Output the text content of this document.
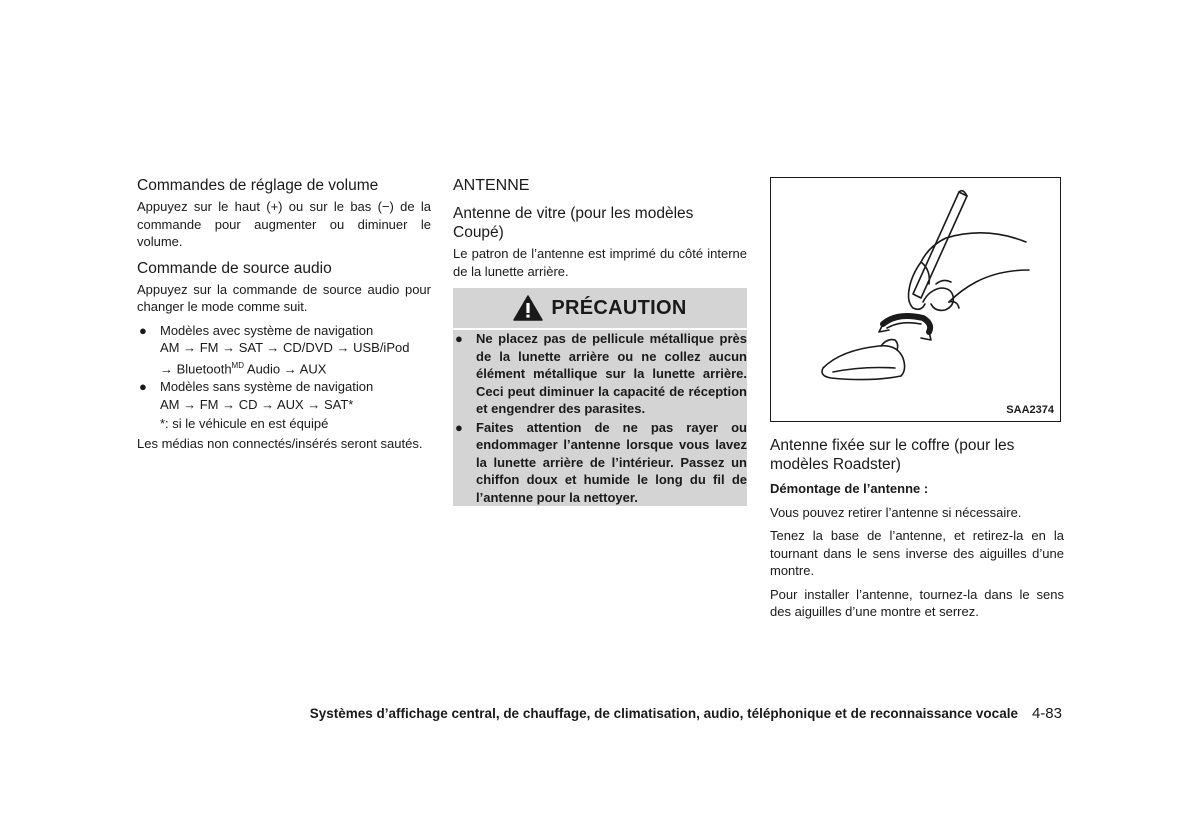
Commandes de réglage de volume

Appuyez sur le haut (+) ou sur le bas (−) de la commande pour augmenter ou diminuer le volume.

Commande de source audio

Appuyez sur la commande de source audio pour changer le mode comme suit.

● Modèles avec système de navigation
AM → FM → SAT → CD/DVD → USB/iPod
→ Bluetooth$^{MD}$ Audio → AUX
● Modèles sans système de navigation
AM → FM → CD → AUX → SAT*
*: si le véhicule en est équipé

Les médias non connectés/insérés seront sautés.

ANTENNE
Antenne de vitre (pour les modèles Coupé)

Le patron de l’antenne est imprimé du côté interne de la lunette arrière.

PRÉCAUTION
● Ne placez pas de pellicule métallique près de la lunette arrière ou ne collez aucun élément métallique sur la lunette arrière. Ceci peut diminuer la capacité de réception et engendrer des parasites.
● Faites attention de ne pas rayer ou endommager l’antenne lorsque vous lavez la lunette arrière de l’intérieur. Passez un chiffon doux et humide le long du fil de l’antenne pour la nettoyer.
SAA2374
Antenne fixée sur le coffre (pour les modèles Roadster)

Démontage de l’antenne :

Vous pouvez retirer l’antenne si nécessaire.

Tenez la base de l’antenne, et retirez-la en la tournant dans le sens inverse des aiguilles d’une montre.

Pour installer l’antenne, tournez-la dans le sens des aiguilles d’une montre et serrez.

Systèmes d’affichage central, de chauffage, de climatisation, audio, téléphonique et de reconnaissance vocale 4-83
